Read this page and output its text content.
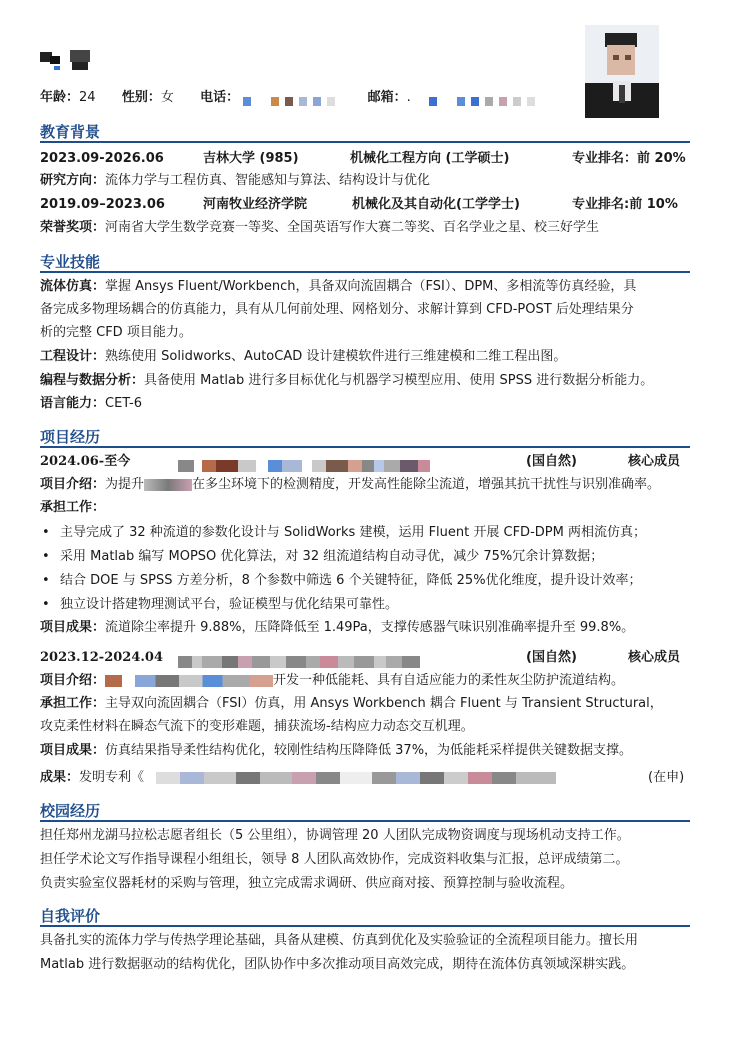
年龄：24 性别：女 电话：	邮箱：.
教育背景
2023.09-2026.06	吉林大学 (985)	机械化工程方向 (工学硕士)	专业排名：前 20%
研究方向：流体力学与工程仿真、智能感知与算法、结构设计与优化
2019.09–2023.06	河南牧业经济学院	机械化及其自动化(工学学士)	专业排名:前 10%
荣誉奖项：河南省大学生数学竞赛一等奖、全国英语写作大赛二等奖、百名学业之星、校三好学生
专业技能
流体仿真：掌握 Ansys Fluent/Workbench，具备双向流固耦合（FSI）、DPM、多相流等仿真经验，具
备完成多物理场耦合的仿真能力，具有从几何前处理、网格划分、求解计算到 CFD-POST 后处理结果分
析的完整 CFD 项目能力。
工程设计：熟练使用 Solidworks、AutoCAD 设计建模软件进行三维建模和二维工程出图。
编程与数据分析：具备使用 Matlab 进行多目标优化与机器学习模型应用、使用 SPSS 进行数据分析能力。
语言能力：CET-6
项目经历
2024.06-至今	(国自然)	核心成员
项目介绍：为提升	在多尘环境下的检测精度，开发高性能除尘流道，增强其抗干扰性与识别准确率。
承担工作：
• 主导完成了 32 种流道的参数化设计与 SolidWorks 建模，运用 Fluent 开展 CFD-DPM 两相流仿真；
• 采用 Matlab 编写 MOPSO 优化算法，对 32 组流道结构自动寻优，减少 75%冗余计算数据；
• 结合 DOE 与 SPSS 方差分析，8 个参数中筛选 6 个关键特征，降低 25%优化维度，提升设计效率；
• 独立设计搭建物理测试平台，验证模型与优化结果可靠性。
项目成果：流道除尘率提升 9.88%，压降降低至 1.49Pa，支撑传感器气味识别准确率提升至 99.8%。
2023.12-2024.04	(国自然)	核心成员
项目介绍：	开发一种低能耗、具有自适应能力的柔性灰尘防护流道结构。
承担工作：主导双向流固耦合（FSI）仿真，用 Ansys Workbench 耦合 Fluent 与 Transient Structural，
攻克柔性材料在瞬态气流下的变形难题，捕获流场-结构应力动态交互机理。
项目成果：仿真结果指导柔性结构优化，较刚性结构压降降低 37%，为低能耗采样提供关键数据支撑。
成果：发明专利《	(在申)
校园经历
担任郑州龙湖马拉松志愿者组长（5 公里组），协调管理 20 人团队完成物资调度与现场机动支持工作。
担任学术论文写作指导课程小组组长，领导 8 人团队高效协作，完成资料收集与汇报，总评成绩第二。
负责实验室仪器耗材的采购与管理，独立完成需求调研、供应商对接、预算控制与验收流程。
自我评价
具备扎实的流体力学与传热学理论基础，具备从建模、仿真到优化及实验验证的全流程项目能力。擅长用
Matlab 进行数据驱动的结构优化，团队协作中多次推动项目高效完成，期待在流体仿真领域深耕实践。
